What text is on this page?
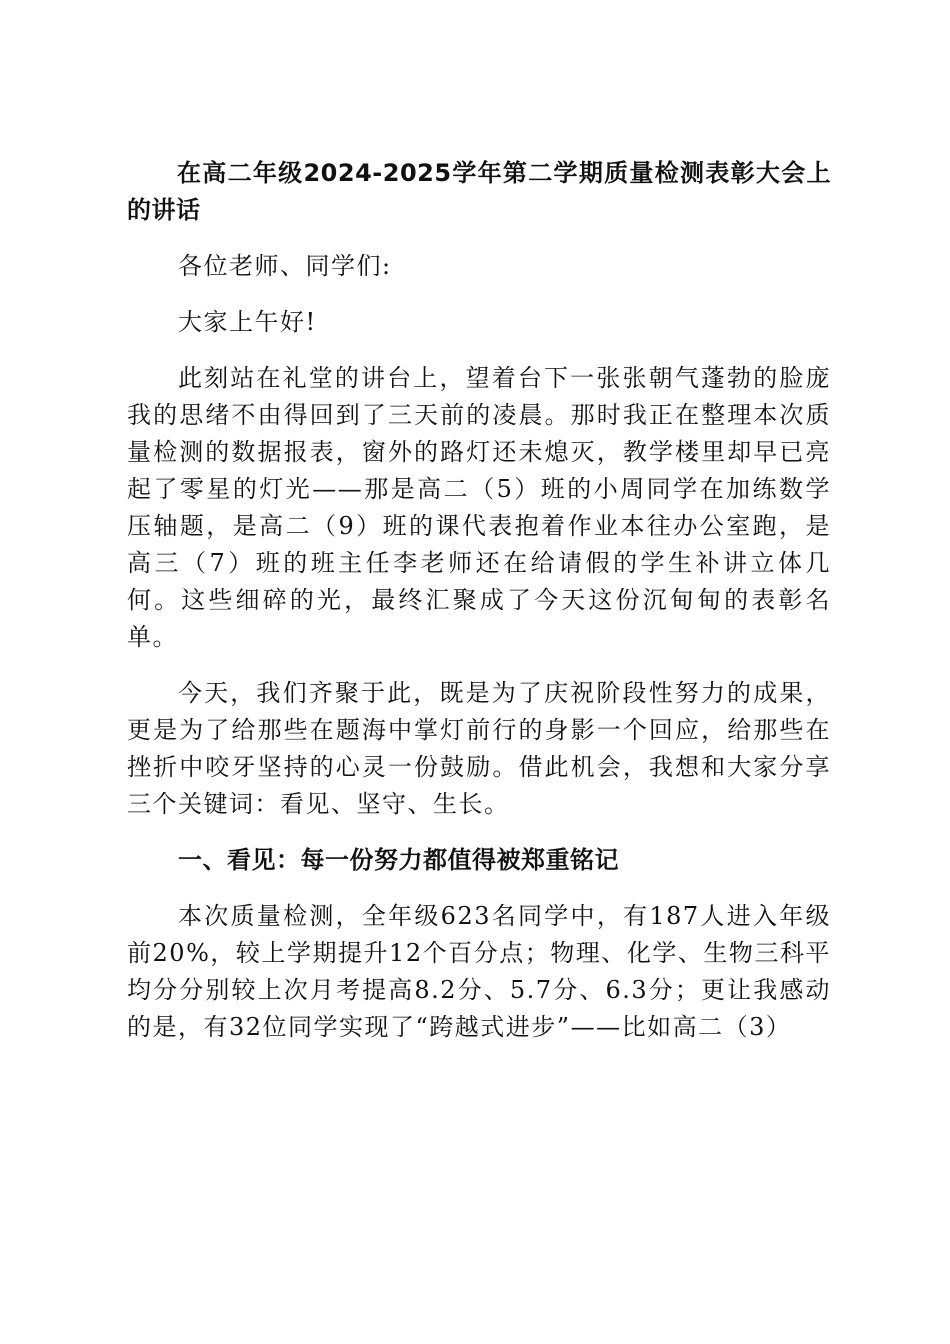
在高二年级2024-2025学年第二学期质量检测表彰大会上的讲话
各位老师、同学们:
大家上午好!
此刻站在礼堂的讲台上，望着台下一张张朝气蓬勃的脸庞我的思绪不由得回到了三天前的凌晨。那时我正在整理本次质量检测的数据报表，窗外的路灯还未熄灭，教学楼里却早已亮起了零星的灯光——那是高二（5）班的小周同学在加练数学压轴题，是高二（9）班的课代表抱着作业本往办公室跑，是高三（7）班的班主任李老师还在给请假的学生补讲立体几何。这些细碎的光，最终汇聚成了今天这份沉甸甸的表彰名单。
今天，我们齐聚于此，既是为了庆祝阶段性努力的成果，更是为了给那些在题海中掌灯前行的身影一个回应，给那些在挫折中咬牙坚持的心灵一份鼓励。借此机会，我想和大家分享三个关键词：看见、坚守、生长。
一、看见：每一份努力都值得被郑重铭记
本次质量检测，全年级623名同学中，有187人进入年级前20%，较上学期提升12个百分点；物理、化学、生物三科平均分分别较上次月考提高8.2分、5.7分、6.3分；更让我感动的是，有32位同学实现了“跨越式进步”——比如高二（3）
